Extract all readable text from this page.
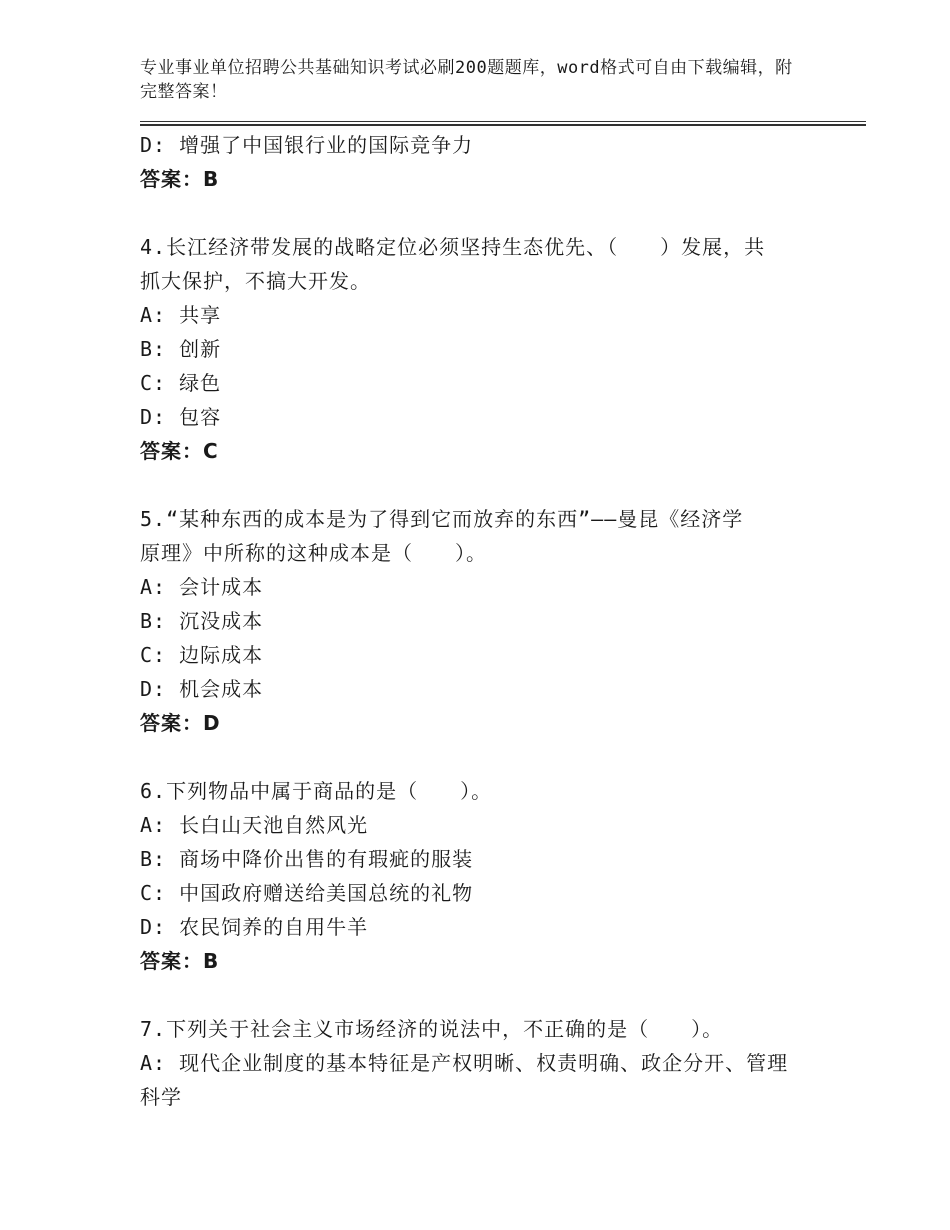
专业事业单位招聘公共基础知识考试必刷200题题库，word格式可自由下载编辑，附完整答案！
D: 增强了中国银行业的国际竞争力
答案：B
4.长江经济带发展的战略定位必须坚持生态优先、（　　）发展，共
抓大保护，不搞大开发。
A: 共享
B: 创新
C: 绿色
D: 包容
答案：C
5.“某种东西的成本是为了得到它而放弃的东西”——曼昆《经济学
原理》中所称的这种成本是（　　）。
A: 会计成本
B: 沉没成本
C: 边际成本
D: 机会成本
答案：D
6.下列物品中属于商品的是（　　）。
A: 长白山天池自然风光
B: 商场中降价出售的有瑕疵的服装
C: 中国政府赠送给美国总统的礼物
D: 农民饲养的自用牛羊
答案：B
7.下列关于社会主义市场经济的说法中，不正确的是（　　）。
A: 现代企业制度的基本特征是产权明晰、权责明确、政企分开、管理
科学
